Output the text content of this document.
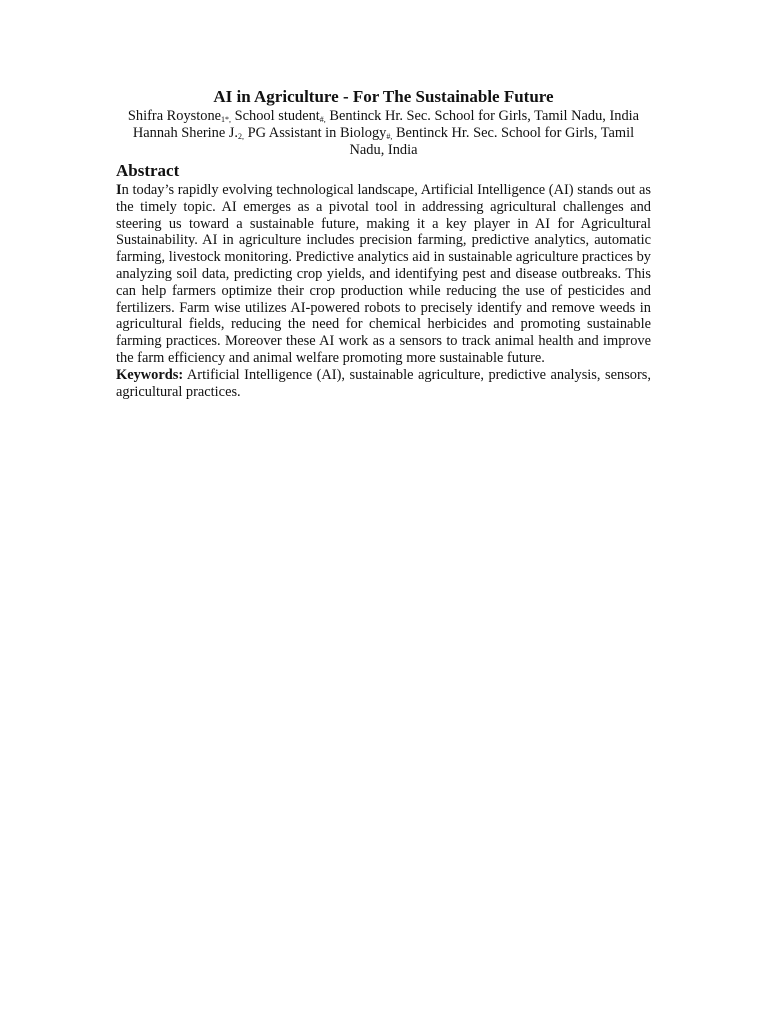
AI in Agriculture - For The Sustainable Future

Shifra Roystone$_{1*,}$ School student$_{\#,}$ Bentinck Hr. Sec. School for Girls, Tamil Nadu, India

Hannah Sherine $J._{2,}$ PG Assistant in Biology$_{\#,}$ Bentinck Hr. Sec. School for Girls, Tamil Nadu, India

Abstract

In today’s rapidly evolving technological landscape, Artificial Intelligence (AI) stands out as the timely topic. AI emerges as a pivotal tool in addressing agricultural challenges and steering us toward a sustainable future, making it a key player in AI for Agricultural Sustainability. AI in agriculture includes precision farming, predictive analytics, automatic farming, livestock monitoring. Predictive analytics aid in sustainable agriculture practices by analyzing soil data, predicting crop yields, and identifying pest and disease outbreaks. This can help farmers optimize their crop production while reducing the use of pesticides and fertilizers. Farm wise utilizes AI-powered robots to precisely identify and remove weeds in agricultural fields, reducing the need for chemical herbicides and promoting sustainable farming practices. Moreover these AI work as a sensors to track animal health and improve the farm efficiency and animal welfare promoting more sustainable future.

Keywords: Artificial Intelligence (AI), sustainable agriculture, predictive analysis, sensors, agricultural practices.
